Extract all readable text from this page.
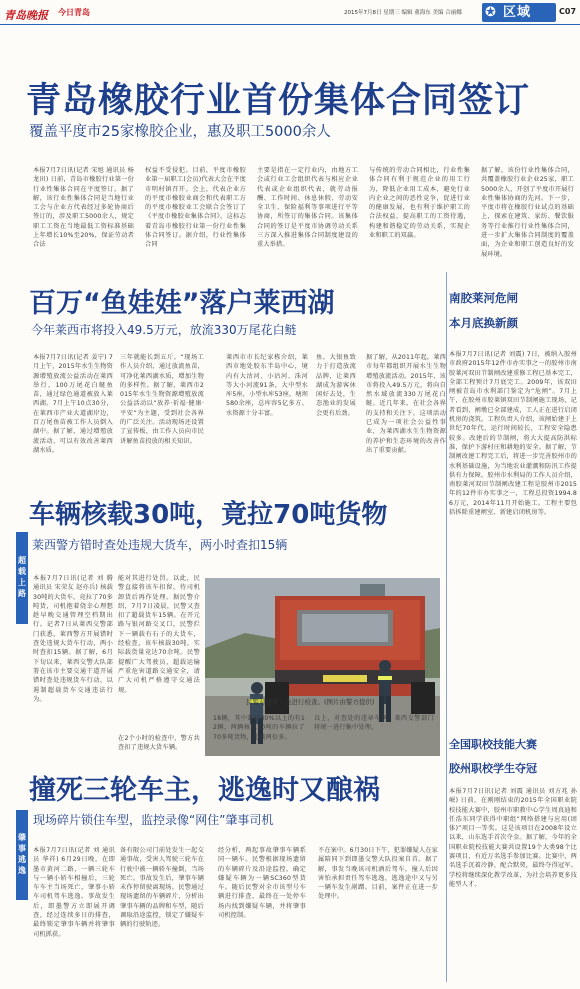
青岛晚报	今日青岛	2015年7月8日 星期三 编辑 董海东 美编 合丽娜 ✪ 区域	C07
青岛橡胶行业首份集体合同签订
覆盖平度市25家橡胶企业，惠及职工5000余人
本报7月7日讯(记者 宋旭 通讯员 杨龙田) 日前，青岛市橡胶行业第一份行业性集体合同在平度签订。据了解，该行业性集体合同是当地行业工会与企业方代表经过多轮协商后签订的，涉及职工5000余人，规定职工工资在当地最低工资标准基础上年增长10%至20%，保证劳动者合法
权益不受侵犯。目前，平度市橡胶业第一届职工(会员)代表大会在平度市明村镇召开。会上，代表企业方的平度市橡胶业商会和代表职工方的平度市橡胶业工会联合会签订了《平度市橡胶业集体合同》。这标志着青岛市橡胶行业第一份行业性集体合同签订。据介绍，行业性集体合同
主要是指在一定行业内，由地方工会或行业工会组织代表与相应企业代表或企业组织代表，就劳动报酬、工作时间、休息休假、劳动安全卫生、保险福利等事项进行平等协商，所签订的集体合同。该集体合同的签订是平度市协调劳动关系三方深入推进集体合同制度建设的重大举措。
与传统的劳动合同相比，行业性集体合同有利于规范企业的用工行为，降低企业用工成本，避免行业内企业之间的恶性竞争，促进行业的健康发展，也有利于维护职工的合法权益，提高职工的工资待遇，构建和谐稳定的劳动关系，实现企业和职工的双赢。
据了解，该份行业性集体合同，共覆盖橡胶行业企业25家，职工5000余人，开创了平度市开展行业性集体协商的先河。下一步，平度市将在橡胶行业试点的基础上，探索在建筑、家纺、餐饮服务等行业推行行业性集体合同，进一步扩大集体合同制度的覆盖面，为企业和职工创造良好的发展环境。
百万“鱼娃娃”落户莱西湖
今年莱西市将投入49.5万元，放流330万尾花白鲢
本报7月7日讯(记者 姜宁) 7月上午，2015年水生生物资源增殖放流公益活动在莱西举行，100万尾花白鲢鱼苗，通过绿色通道被放入莱西湖。7月上午10点30分，在莱西市产业大道湖岸边，百万尾鱼苗被工作人员倒入湖中。据了解，通过增殖放流活动，可以有效改善莱西湖水质。
三年就能长到五斤。“现场工作人员介绍，通过放流鱼苗，可净化莱西湖水质，增加生物的多样性。据了解，莱西市2015年水生生物资源增殖放流公益活动以“放养·祈福·健康·平安”为主题，受到社会各界的广泛关注。活动现场还设置了宣传板，由工作人员向市民讲解鱼苗投放的相关知识。
莱西市市长纪家栋介绍，莱西市地处胶东半岛中心，境内有大沽河、小沽河、洙河等大小河流91条，大中型水库5座，小型水库53座，塘坝580余座，总库容5亿多方。水资源十分丰富。
鱼。大银鱼致力于打造放流品牌，让莱西湖成为游客休闲好去处，生态渔业的发展会更有后劲。
据了解，从2011年起，莱西市每年都组织开展水生生物增殖放流活动。2015年，该市将投入49.5万元，将向自然水域放流330万尾花白鲢。近几年来，在社会各界的支持和关注下，这项活动已成为一项社会公益性事业，为莱西湖水生生物资源的养护和生态环境的改善作出了重要贡献。
超载上路
车辆核载30吨，竟拉70吨货物
莱西警方错时查处违规大货车，两小时查扣15辆
本报7月7日讯(记者 刘 腾 通讯员 宋荣友 赵亦兵) 核载30吨的大货车，竟拉了70多吨货，司机抱着侥幸心理想趁早晚交通管理空档期出行。记者7日从莱西交警部门获悉，莱西警方开展错时查处违规大货车行动，两小时查扣15辆。据了解，6月下旬以来，莱西交警大队部署在该市主要交通干道开展错时查处违规货车行动，以遏制超载货车交通违法行为。
能对其进行处罚。以此，民警直接将该车扣留，待司机卸货后再作处理。据民警介绍，7月7日凌晨，民警又查扣了超载货车15辆。在开元路与银河路交叉口，民警拦下一辆载有石子的大货车，经检查，该车核载30吨，实际载货量竟达70余吨。民警提醒广大驾驶员，超载运输严重危害道路交通安全，请广大司机严格遵守交通法规。
在2个小时的检查中，警方共查扣了违规大货车辆。
民警对违规大货进行检查。(图片由警方提供)
18辆，其中超载30%以上的有12辆，两辆核载30吨的车辆拉了70多吨货物，超载两倍多。
以上，对查处的违章车辆，莱西交警部门将统一进行集中处理。
肇事逃逸
撞死三轮车主，逃逸时又酿祸
现场碎片锁住车型，监控录像“网住”肇事司机
本报7月7日讯(记者 刘 通讯员 华祥) 6月29日晚，在即墨市黄河二路，一辆三轮车与一辆小轿车相撞后，三轮车车主当场死亡，肇事小轿车司机驾车逃逸。事故发生后，即墨警方立即展开调查，经过连续多日的排查，最终锁定肇事车辆并将肇事司机抓获。
备有限公司门前处发生一起交通事故，受害人驾驶三轮车在行驶中被一辆轿车撞倒，当场死亡。事故发生后，肇事车辆未作停留驶离现场。民警通过现场遗留的车辆碎片，分析出肇事车辆的品牌和车型，随后调取沿途监控，锁定了嫌疑车辆的行驶轨迹。
经分析，两起事故肇事车辆系同一辆车。民警根据现场遗留的车辆碎片及沿途监控，确定嫌疑车辆为一辆SC360型货车。随后民警对全市该型号车辆进行排查，最终在一处停车场内找到嫌疑车辆，并将肇事司机控制。
不在案中。6月30日下午，犯罪嫌疑人在家属陪同下到即墨交警大队投案自首。据了解，事发当晚该司机酒后驾车，撞人后因害怕承担责任驾车逃逸，逃逸途中又与另一辆车发生剐蹭。目前，案件正在进一步处理中。
南胶莱河危闸
本月底换新颜
本报7月7日讯(记者 刘震) 7日，被纳入胶州市政府2015年12件市办实事之一的胶州市南胶莱河双田节制闸改建重修工程已基本完工，全部工程预计7月底完工。2009年，该双田闸被青岛市水利部门鉴定为“危闸”。7月上午，在胶州市胶莱镇双田节制闸施工现场，记者看到，闸墩已全部建成，工人正在进行启闭机房的浇筑。工程负责人介绍，该闸始建于上世纪70年代，运行时间较长，工程安全隐患较多。改建后的节制闸，将大大提高防洪标准，保护下游村庄和耕地的安全。据了解，节制闸改建工程完工后，将进一步完善胶州市的水利基础设施，为当地农业灌溉和防汛工作提供有力保障。胶州市水利局的工作人员介绍，南胶莱河双田节制闸改建工程是胶州市2015年的12件市办实事之一，工程总投资1994.86万元，2014年11月开始施工。工程主要包括拆除重建闸室、新建启闭机房等。
全国职校技能大赛
胶州职校学生夺冠
本报7月7日讯(记者 刘震 通讯员 刘方兆 孙岷) 日前，在刚刚结束的2015年全国职业院校技能大赛中，胶州市职教中心学生周真迪和任浩东同学获得中职组“网络搭建与应用(团体)”项目一等奖。这是该项目在2008年设立以来，山东选手首次夺金。据了解，今年的全国职业院校技能大赛共设置19个大类98个比赛项目，有近万名选手参加比赛。比赛中，两名选手沉着冷静，配合默契，最终夺得冠军。学校将继续深化教学改革，为社会培养更多技能型人才。
